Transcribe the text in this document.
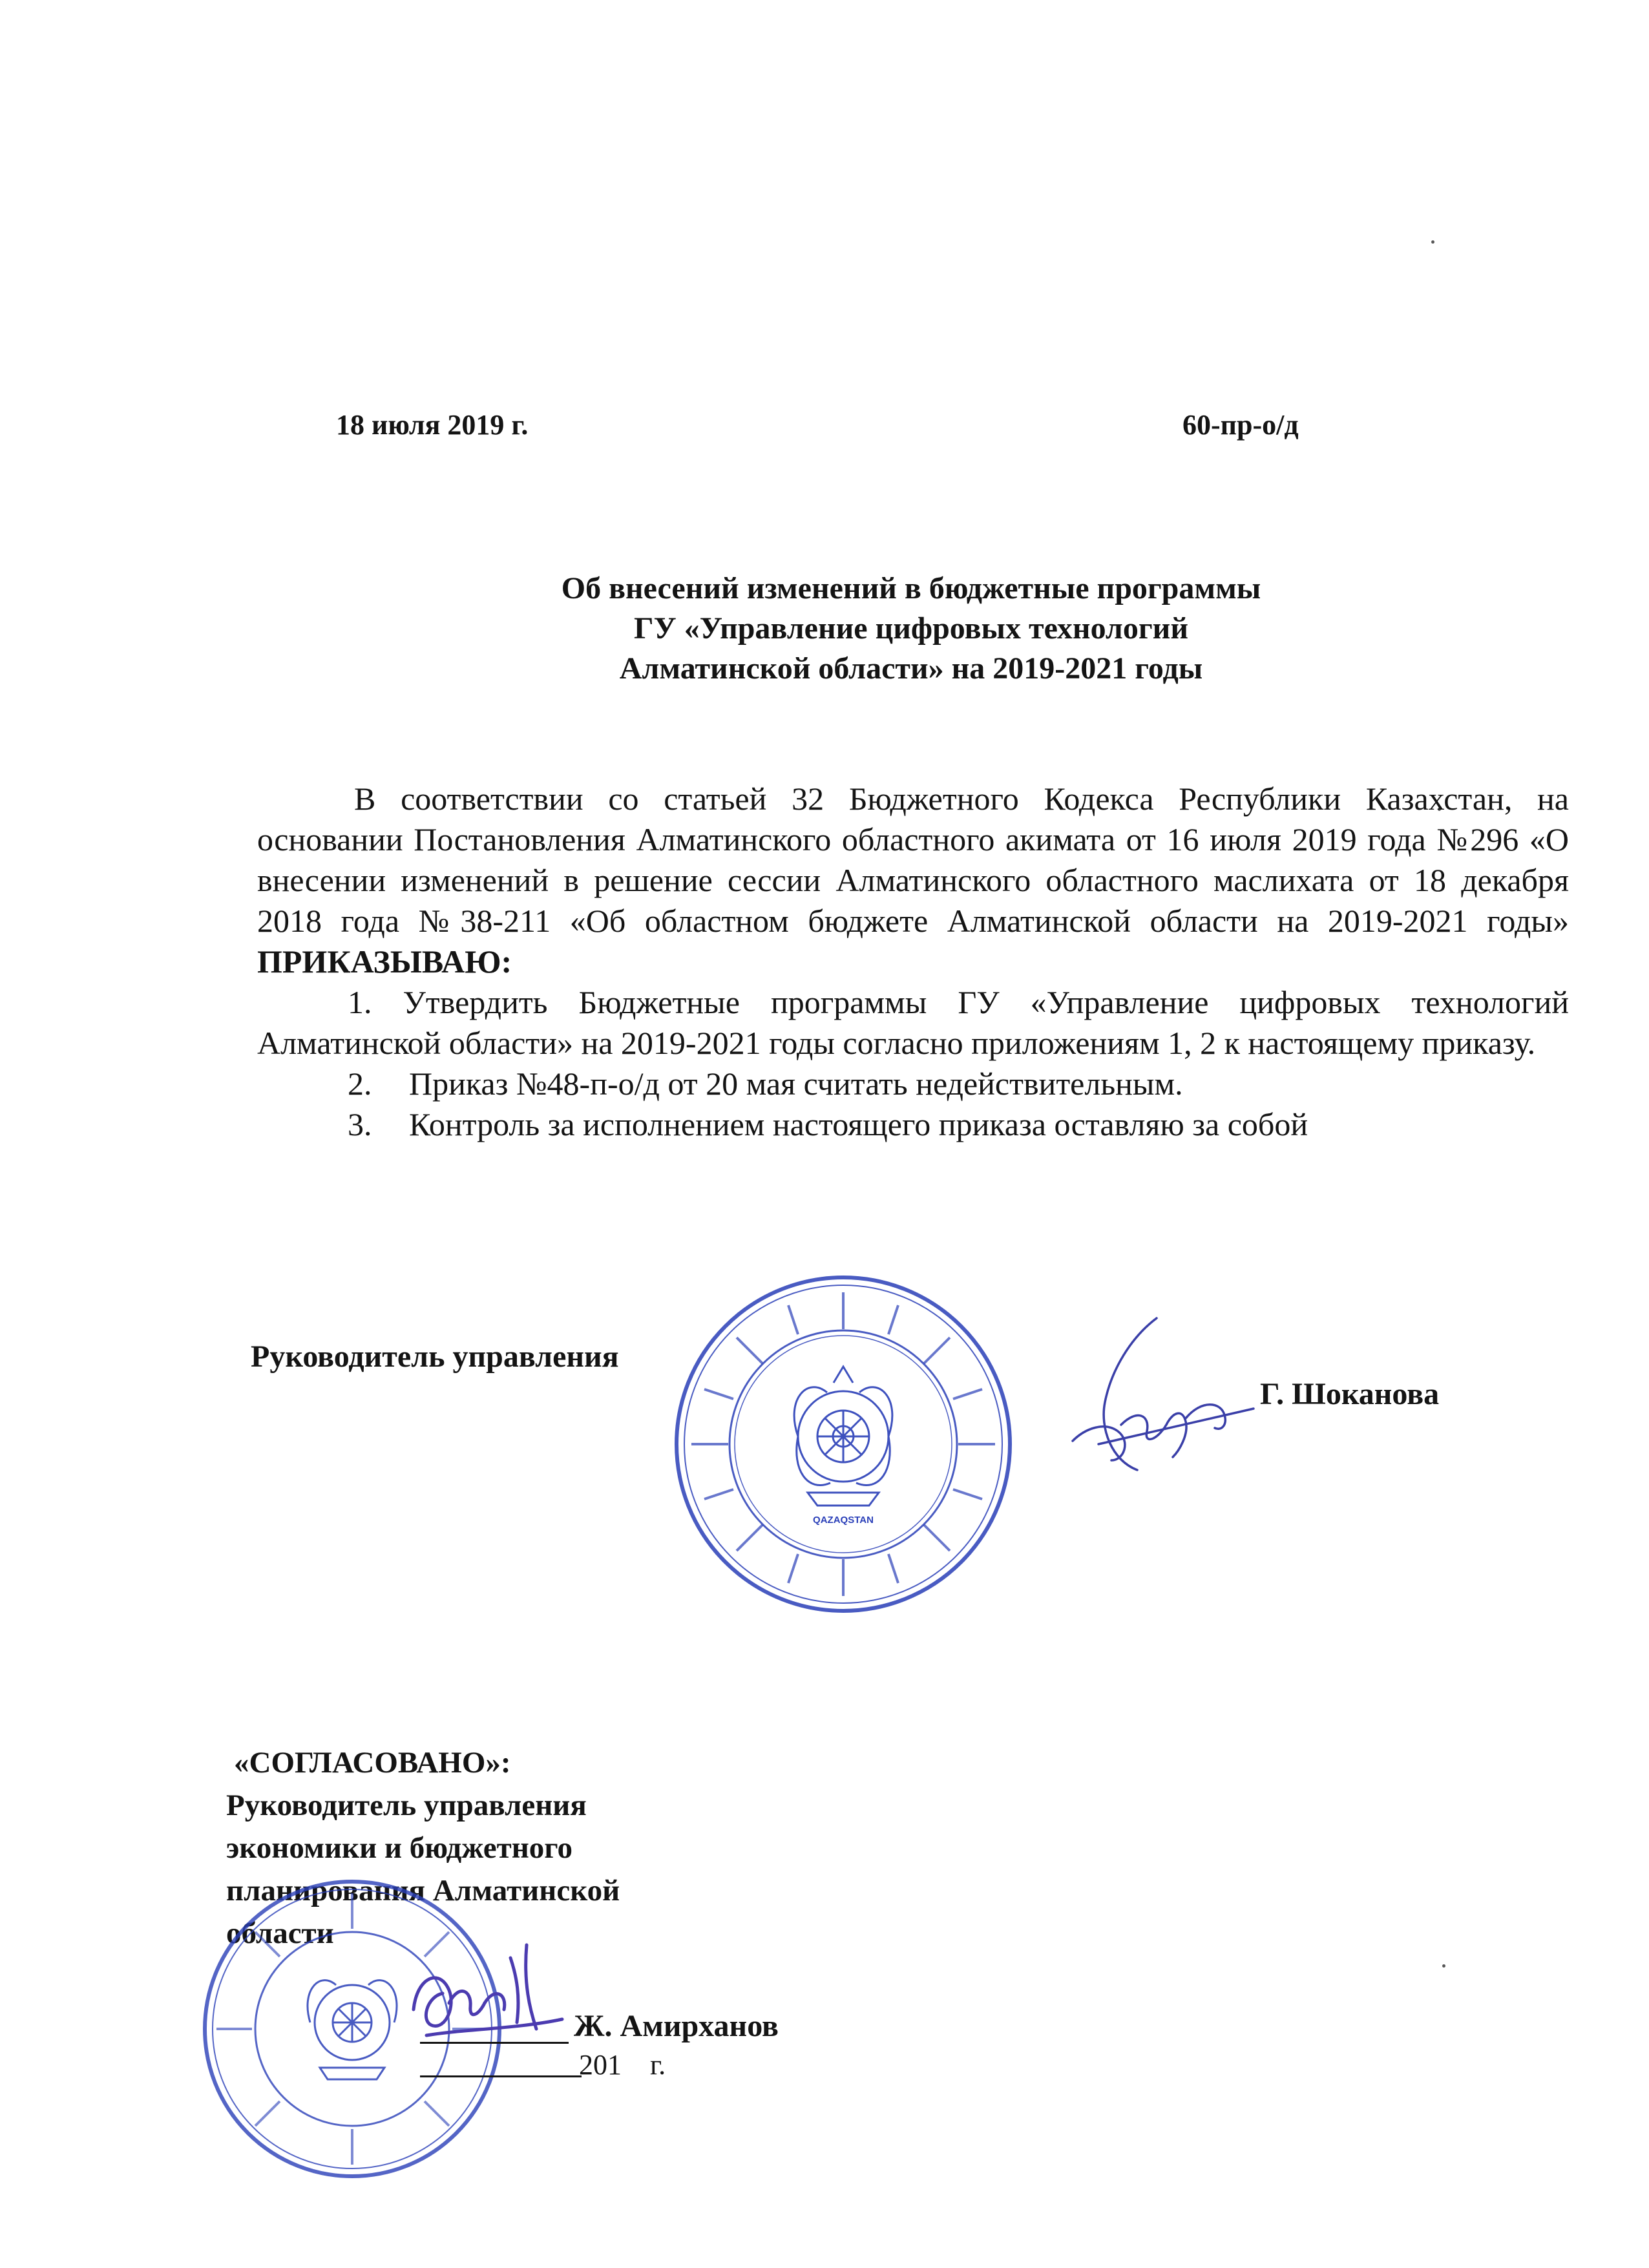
18 июля 2019 г.	60-пр-о/д
Об внесений изменений в бюджетные программы
ГУ «Управление цифровых технологий
Алматинской области» на 2019-2021 годы

В соответствии со статьей 32 Бюджетного Кодекса Республики Казахстан, на основании Постановления Алматинского областного акимата от 16 июля 2019 года №296 «О внесении изменений в решение сессии Алматинского областного маслихата от 18 декабря 2018 года №38-211 «Об областном бюджете Алматинской области на 2019-2021 годы» ПРИКАЗЫВАЮ:

1. Утвердить Бюджетные программы ГУ «Управление цифровых технологий Алматинской области» на 2019-2021 годы согласно приложениям 1, 2 к настоящему приказу.

2. Приказ №48-п-о/д от 20 мая считать недействительным.

3. Контроль за исполнением настоящего приказа оставляю за собой

QAZAQSTAN
Руководитель управления
Г. Шоканова
«СОГЛАСОВАНО»:
Руководитель управления
экономики и бюджетного
планирования Алматинской
области
Ж. Амирханов
201 г.
